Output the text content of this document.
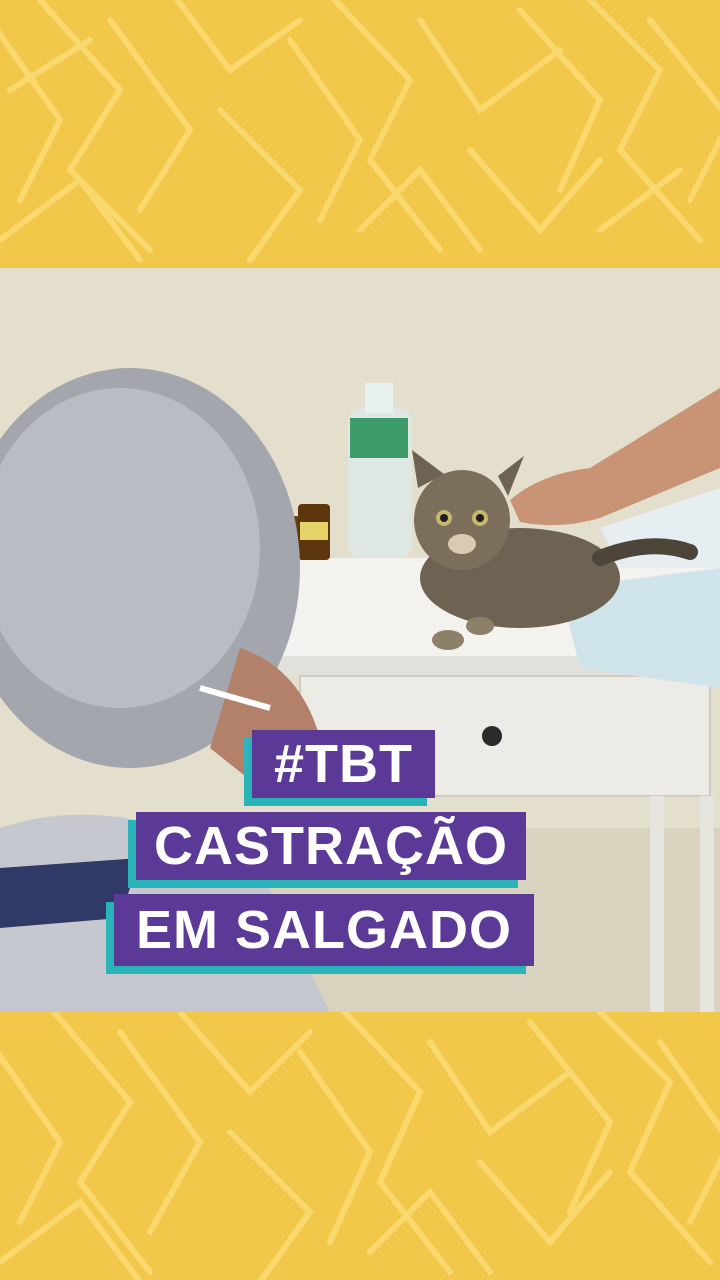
#TBT
CASTRAÇÃO
EM SALGADO
